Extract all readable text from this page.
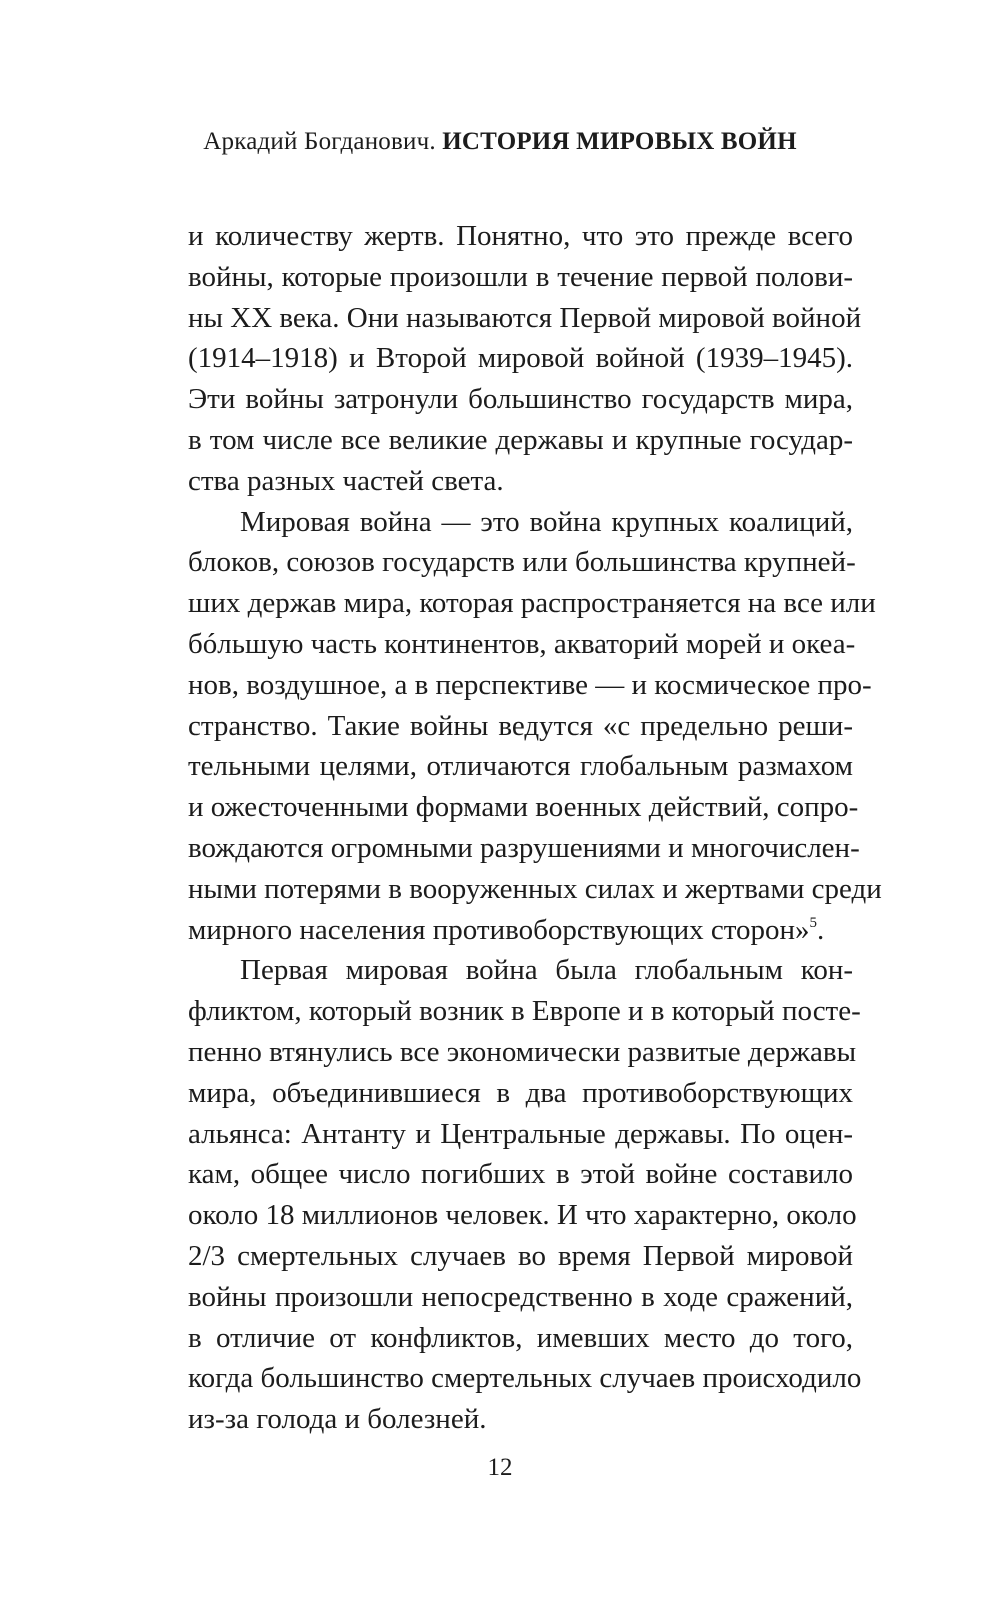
Аркадий Богданович. ИСТОРИЯ МИРОВЫХ ВОЙН
и количеству жертв. Понятно, что это прежде всего
войны, которые произошли в течение первой полови-
ны XX века. Они называются Первой мировой войной
(1914–1918) и Второй мировой войной (1939–1945).
Эти войны затронули большинство государств мира,
в том числе все великие державы и крупные государ-
ства разных частей света.
Мировая война — это война крупных коалиций,
блоков, союзов государств или большинства крупней-
ших держав мира, которая распространяется на все или
бóльшую часть континентов, акваторий морей и океа-
нов, воздушное, а в перспективе — и космическое про-
странство. Такие войны ведутся «с предельно реши-
тельными целями, отличаются глобальным размахом
и ожесточенными формами военных действий, сопро-
вождаются огромными разрушениями и многочислен-
ными потерями в вооруженных силах и жертвами среди
мирного населения противоборствующих сторон»$^5$.
Первая мировая война была глобальным кон-
фликтом, который возник в Европе и в который посте-
пенно втянулись все экономически развитые державы
мира, объединившиеся в два противоборствующих
альянса: Антанту и Центральные державы. По оцен-
кам, общее число погибших в этой войне составило
около 18 миллионов человек. И что характерно, около
2/3 смертельных случаев во время Первой мировой
войны произошли непосредственно в ходе сражений,
в отличие от конфликтов, имевших место до того,
когда большинство смертельных случаев происходило
из-за голода и болезней.
12
